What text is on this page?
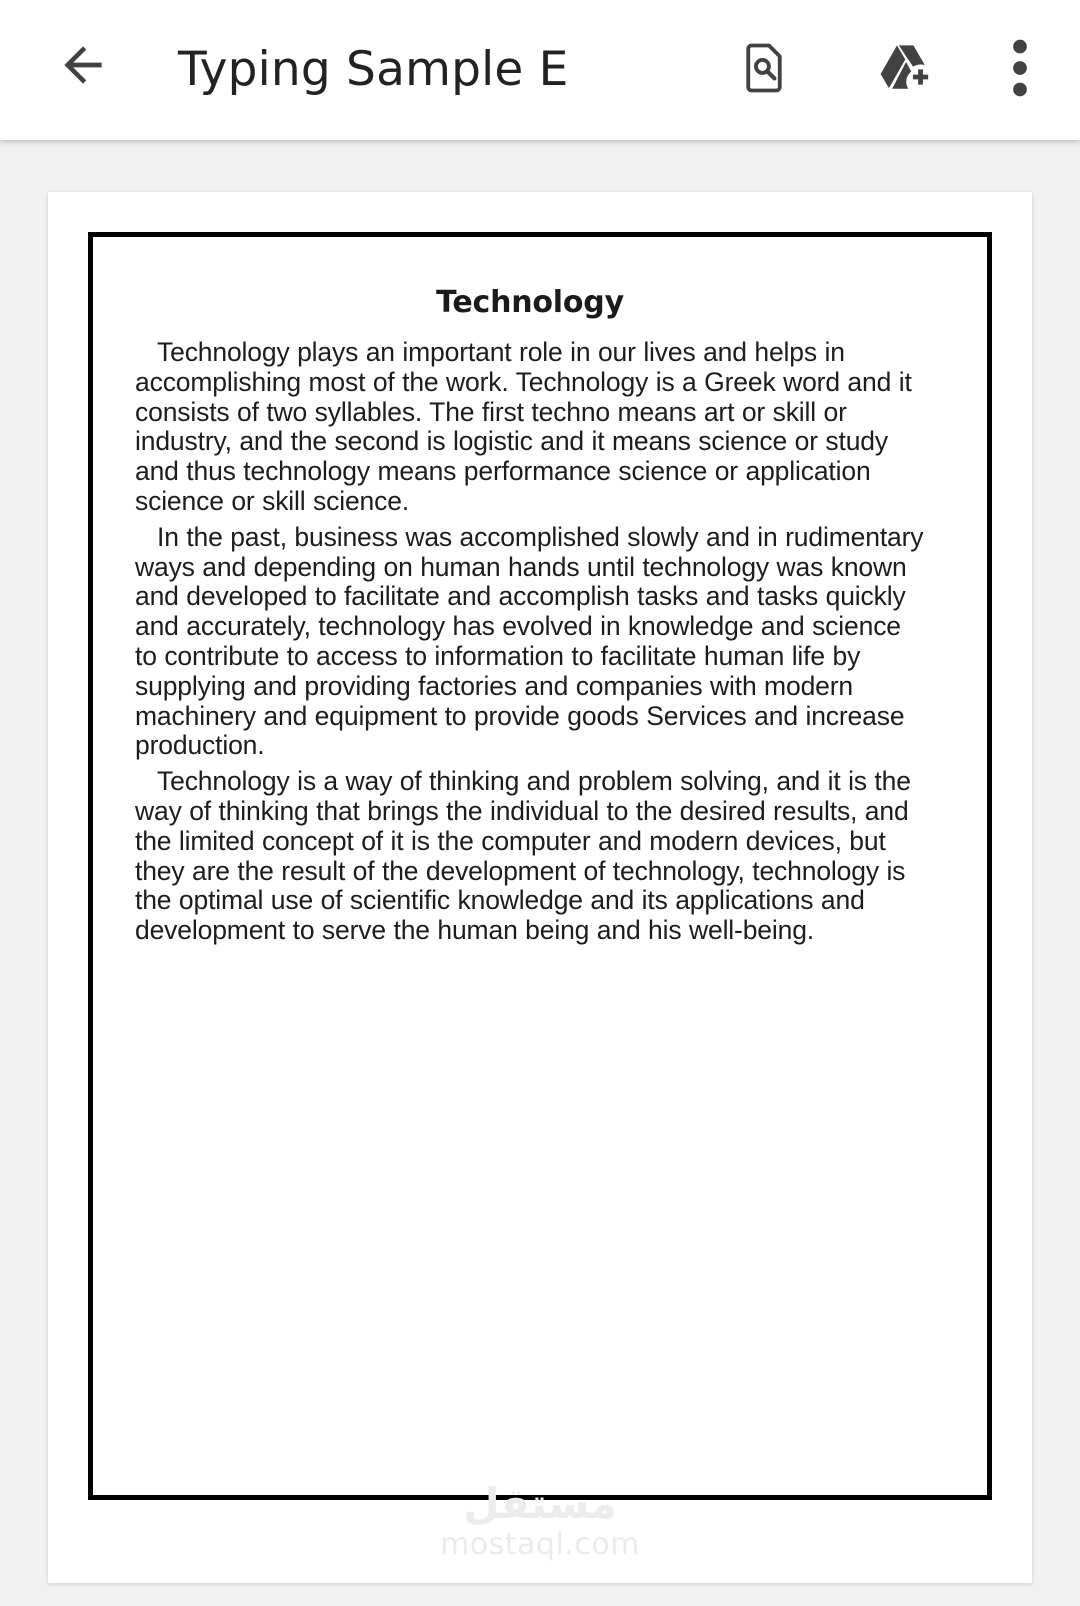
Typing Sample E
Technology

Technology plays an important role in our lives and helps in accomplishing most of the work. Technology is a Greek word and it consists of two syllables. The first techno means art or skill or industry, and the second is logistic and it means science or study and thus technology means performance science or application science or skill science.

In the past, business was accomplished slowly and in rudimentary ways and depending on human hands until technology was known and developed to facilitate and accomplish tasks and tasks quickly and accurately, technology has evolved in knowledge and science to contribute to access to information to facilitate human life by supplying and providing factories and companies with modern machinery and equipment to provide goods Services and increase production.

Technology is a way of thinking and problem solving, and it is the way of thinking that brings the individual to the desired results, and the limited concept of it is the computer and modern devices, but they are the result of the development of technology, technology is the optimal use of scientific knowledge and its applications and development to serve the human being and his well-being.

مستقل
mostaql.com
